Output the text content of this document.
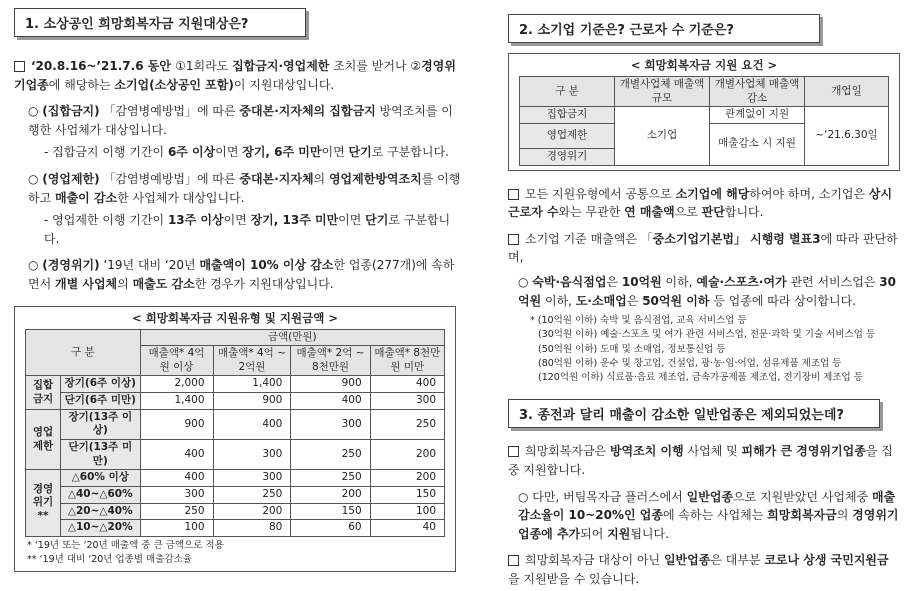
1. 소상공인 희망회복자금 지원대상은?

‘20.8.16~’21.7.6 동안 ①1회라도 집합금지·영업제한 조치를 받거나 ②경영위기업종에 해당하는 소기업(소상공인 포함)이 지원대상입니다.

○ (집합금지) 「감염병예방법」에 따른 중대본·지자체의 집합금지 방역조치를 이행한 사업체가 대상입니다.

- 집합금지 이행 기간이 6주 이상이면 장기, 6주 미만이면 단기로 구분합니다.

○ (영업제한) 「감염병예방법」에 따른 중대본·지자체의 영업제한방역조치를 이행하고 매출이 감소한 사업체가 대상입니다.

- 영업제한 이행 기간이 13주 이상이면 장기, 13주 미만이면 단기로 구분합니다.

○ (경영위기) ‘19년 대비 ‘20년 매출액이 10% 이상 감소한 업종(277개)에 속하면서 개별 사업체의 매출도 감소한 경우가 지원대상입니다.

< 희망회복자금 지원유형 및 지원금액 >
구 분		금액(만원)			
		매출액* 4억원 이상	매출액* 4억 ~ 2억원	매출액* 2억 ~ 8천만원	매출액* 8천만원 미만
집합금지	장기(6주 이상)	2,000	1,400	900	400
	단기(6주 미만)	1,400	900	400	300
영업제한	장기(13주 이상)	900	400	300	250
	단기(13주 미만)	400	300	250	200
경영위기**	△60% 이상	400	300	250	200
	△40~△60%	300	250	200	150
	△20~△40%	250	200	150	100
	△10~△20%	100	80	60	40
* ‘19년 또는 ‘20년 매출액 중 큰 금액으로 적용
** ‘19년 대비 ‘20년 업종별 매출감소율
2. 소기업 기준은? 근로자 수 기준은?
< 희망회복자금 지원 요건 >
구 분	개별사업체 매출액 규모	개별사업체 매출액 감소	개업일
집합금지	소기업	관계없이 지원	~‘21.6.30일
영업제한		매출감소 시 지원	
경영위기			

모든 지원유형에서 공통으로 소기업에 해당하여야 하며, 소기업은 상시근로자 수와는 무관한 연 매출액으로 판단합니다.

소기업 기준 매출액은 「중소기업기본법」 시행령 별표3에 따라 판단하며,

○ 숙박·음식점업은 10억원 이하, 예술·스포츠·여가 관련 서비스업은 30억원 이하, 도·소매업은 50억원 이하 등 업종에 따라 상이합니다.

* (10억원 이하) 숙박 및 음식점업, 교육 서비스업 등
(30억원 이하) 예술·스포츠 및 여가 관련 서비스업, 전문·과학 및 기술 서비스업 등
(50억원 이하) 도매 및 소매업, 정보통신업 등
(80억원 이하) 운수 및 창고업, 건설업, 광·농·임·어업, 섬유제품 제조업 등
(120억원 이하) 식료품·음료 제조업, 금속가공제품 제조업, 전기장비 제조업 등
3. 종전과 달리 매출이 감소한 일반업종은 제외되었는데?

희망회복자금은 방역조치 이행 사업체 및 피해가 큰 경영위기업종을 집중 지원합니다.

○ 다만, 버팀목자금 플러스에서 일반업종으로 지원받았던 사업체중 매출감소율이 10~20%인 업종에 속하는 사업체는 희망회복자금의 경영위기업종에 추가되어 지원됩니다.

희망회복자금 대상이 아닌 일반업종은 대부분 코로나 상생 국민지원금을 지원받을 수 있습니다.
